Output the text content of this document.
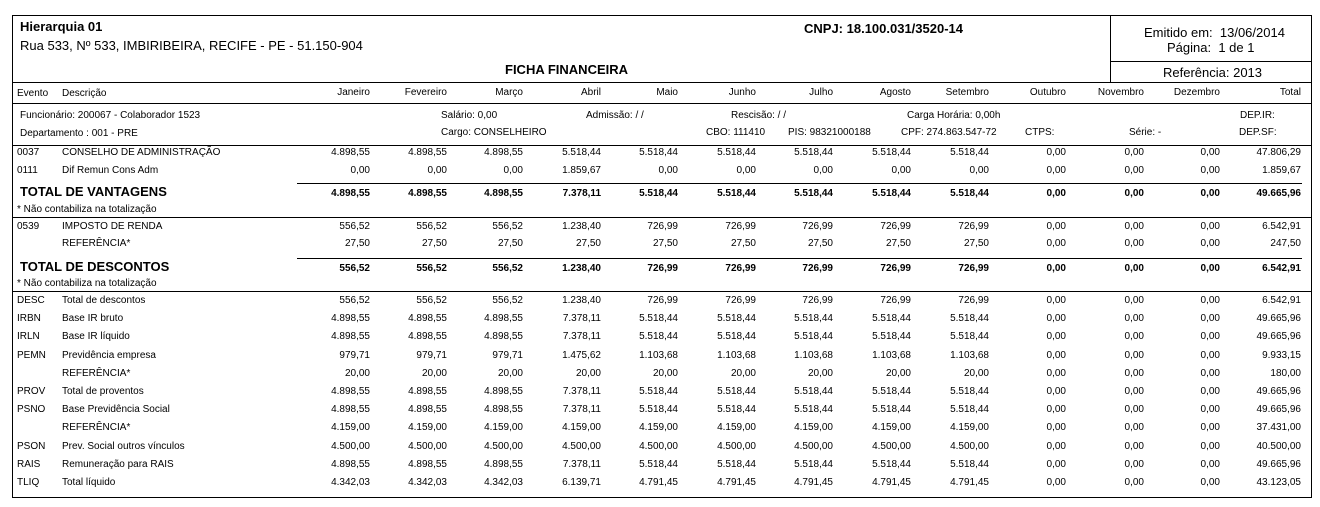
Hierarquia 01
Rua 533, Nº 533, IMBIRIBEIRA, RECIFE - PE - 51.150-904
CNPJ: 18.100.031/3520-14	Emitido em: 13/06/2014
Página: 1 de 1
Referência: 2013
FICHA FINANCEIRA
Evento Descrição	Janeiro	Fevereiro	Março	Abril	Maio	Junho	Julho	Agosto	Setembro	Outubro	Novembro	Dezembro	Total
Funcionário: 200067 - Colaborador 1523	Salário: 0,00	Admissão: / /	Rescisão: / /	Carga Horária: 0,00h	DEP.IR:
Departamento : 001 - PRE	Cargo: CONSELHEIRO	CBO: 111410 PIS: 98321000188	CPF: 274.863.547-72	CTPS:	Série: -	DEP.SF:
0037 CONSELHO DE ADMINISTRAÇÃO	4.898,55	4.898,55	4.898,55	5.518,44	5.518,44	5.518,44	5.518,44	5.518,44	5.518,44	0,00	0,00	0,00	47.806,29
0111 Dif Remun Cons Adm	0,00	0,00	0,00	1.859,67	0,00	0,00	0,00	0,00	0,00	0,00	0,00	0,00	1.859,67
TOTAL DE VANTAGENS	4.898,55	4.898,55	4.898,55	7.378,11	5.518,44	5.518,44	5.518,44	5.518,44	5.518,44	0,00	0,00	0,00	49.665,96
* Não contabiliza na totalização
0539 IMPOSTO DE RENDA	556,52	556,52	556,52	1.238,40	726,99	726,99	726,99	726,99	726,99	0,00	0,00	0,00	6.542,91
REFERÊNCIA*	27,50	27,50	27,50	27,50	27,50	27,50	27,50	27,50	27,50	0,00	0,00	0,00	247,50
TOTAL DE DESCONTOS	556,52	556,52	556,52	1.238,40	726,99	726,99	726,99	726,99	726,99	0,00	0,00	0,00	6.542,91
* Não contabiliza na totalização
DESC Total de descontos	556,52	556,52	556,52	1.238,40	726,99	726,99	726,99	726,99	726,99	0,00	0,00	0,00	6.542,91
IRBN Base IR bruto	4.898,55	4.898,55	4.898,55	7.378,11	5.518,44	5.518,44	5.518,44	5.518,44	5.518,44	0,00	0,00	0,00	49.665,96
IRLN Base IR líquido	4.898,55	4.898,55	4.898,55	7.378,11	5.518,44	5.518,44	5.518,44	5.518,44	5.518,44	0,00	0,00	0,00	49.665,96
PEMN Previdência empresa	979,71	979,71	979,71	1.475,62	1.103,68	1.103,68	1.103,68	1.103,68	1.103,68	0,00	0,00	0,00	9.933,15
REFERÊNCIA*	20,00	20,00	20,00	20,00	20,00	20,00	20,00	20,00	20,00	0,00	0,00	0,00	180,00
PROV Total de proventos	4.898,55	4.898,55	4.898,55	7.378,11	5.518,44	5.518,44	5.518,44	5.518,44	5.518,44	0,00	0,00	0,00	49.665,96
PSNO Base Previdência Social	4.898,55	4.898,55	4.898,55	7.378,11	5.518,44	5.518,44	5.518,44	5.518,44	5.518,44	0,00	0,00	0,00	49.665,96
REFERÊNCIA*	4.159,00	4.159,00	4.159,00	4.159,00	4.159,00	4.159,00	4.159,00	4.159,00	4.159,00	0,00	0,00	0,00	37.431,00
PSON Prev. Social outros vínculos	4.500,00	4.500,00	4.500,00	4.500,00	4.500,00	4.500,00	4.500,00	4.500,00	4.500,00	0,00	0,00	0,00	40.500,00
RAIS Remuneração para RAIS	4.898,55	4.898,55	4.898,55	7.378,11	5.518,44	5.518,44	5.518,44	5.518,44	5.518,44	0,00	0,00	0,00	49.665,96
TLIQ Total líquido	4.342,03	4.342,03	4.342,03	6.139,71	4.791,45	4.791,45	4.791,45	4.791,45	4.791,45	0,00	0,00	0,00	43.123,05
